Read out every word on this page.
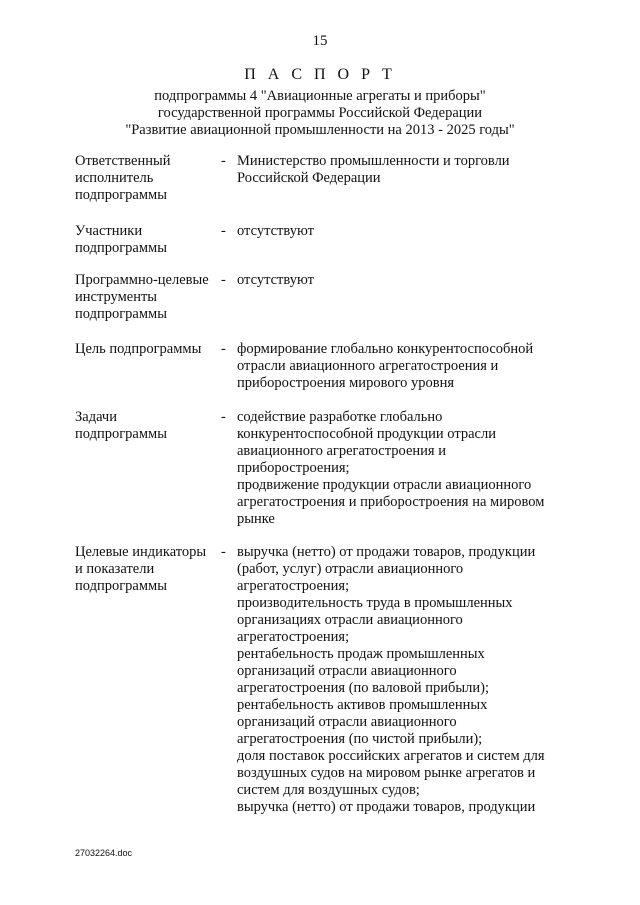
15
П А С П О Р Т
подпрограммы 4 "Авиационные агрегаты и приборы"
государственной программы Российской Федерации
"Развитие авиационной промышленности на 2013 - 2025 годы"
Ответственный
исполнитель
подпрограммы
- Министерство промышленности и торговли
Российской Федерации
Участники
подпрограммы
- отсутствуют
Программно-целевые
инструменты
подпрограммы
- отсутствуют
Цель подпрограммы	- формирование глобально конкурентоспособной
отрасли авиационного агрегатостроения и
приборостроения мирового уровня
Задачи
подпрограммы
- содействие разработке глобально
конкурентоспособной продукции отрасли
авиационного агрегатостроения и
приборостроения;
продвижение продукции отрасли авиационного
агрегатостроения и приборостроения на мировом
рынке
Целевые индикаторы
и показатели
подпрограммы
- выручка (нетто) от продажи товаров, продукции
(работ, услуг) отрасли авиационного
агрегатостроения;
производительность труда в промышленных
организациях отрасли авиационного
агрегатостроения;
рентабельность продаж промышленных
организаций отрасли авиационного
агрегатостроения (по валовой прибыли);
рентабельность активов промышленных
организаций отрасли авиационного
агрегатостроения (по чистой прибыли);
доля поставок российских агрегатов и систем для
воздушных судов на мировом рынке агрегатов и
систем для воздушных судов;
выручка (нетто) от продажи товаров, продукции
27032264.doc
